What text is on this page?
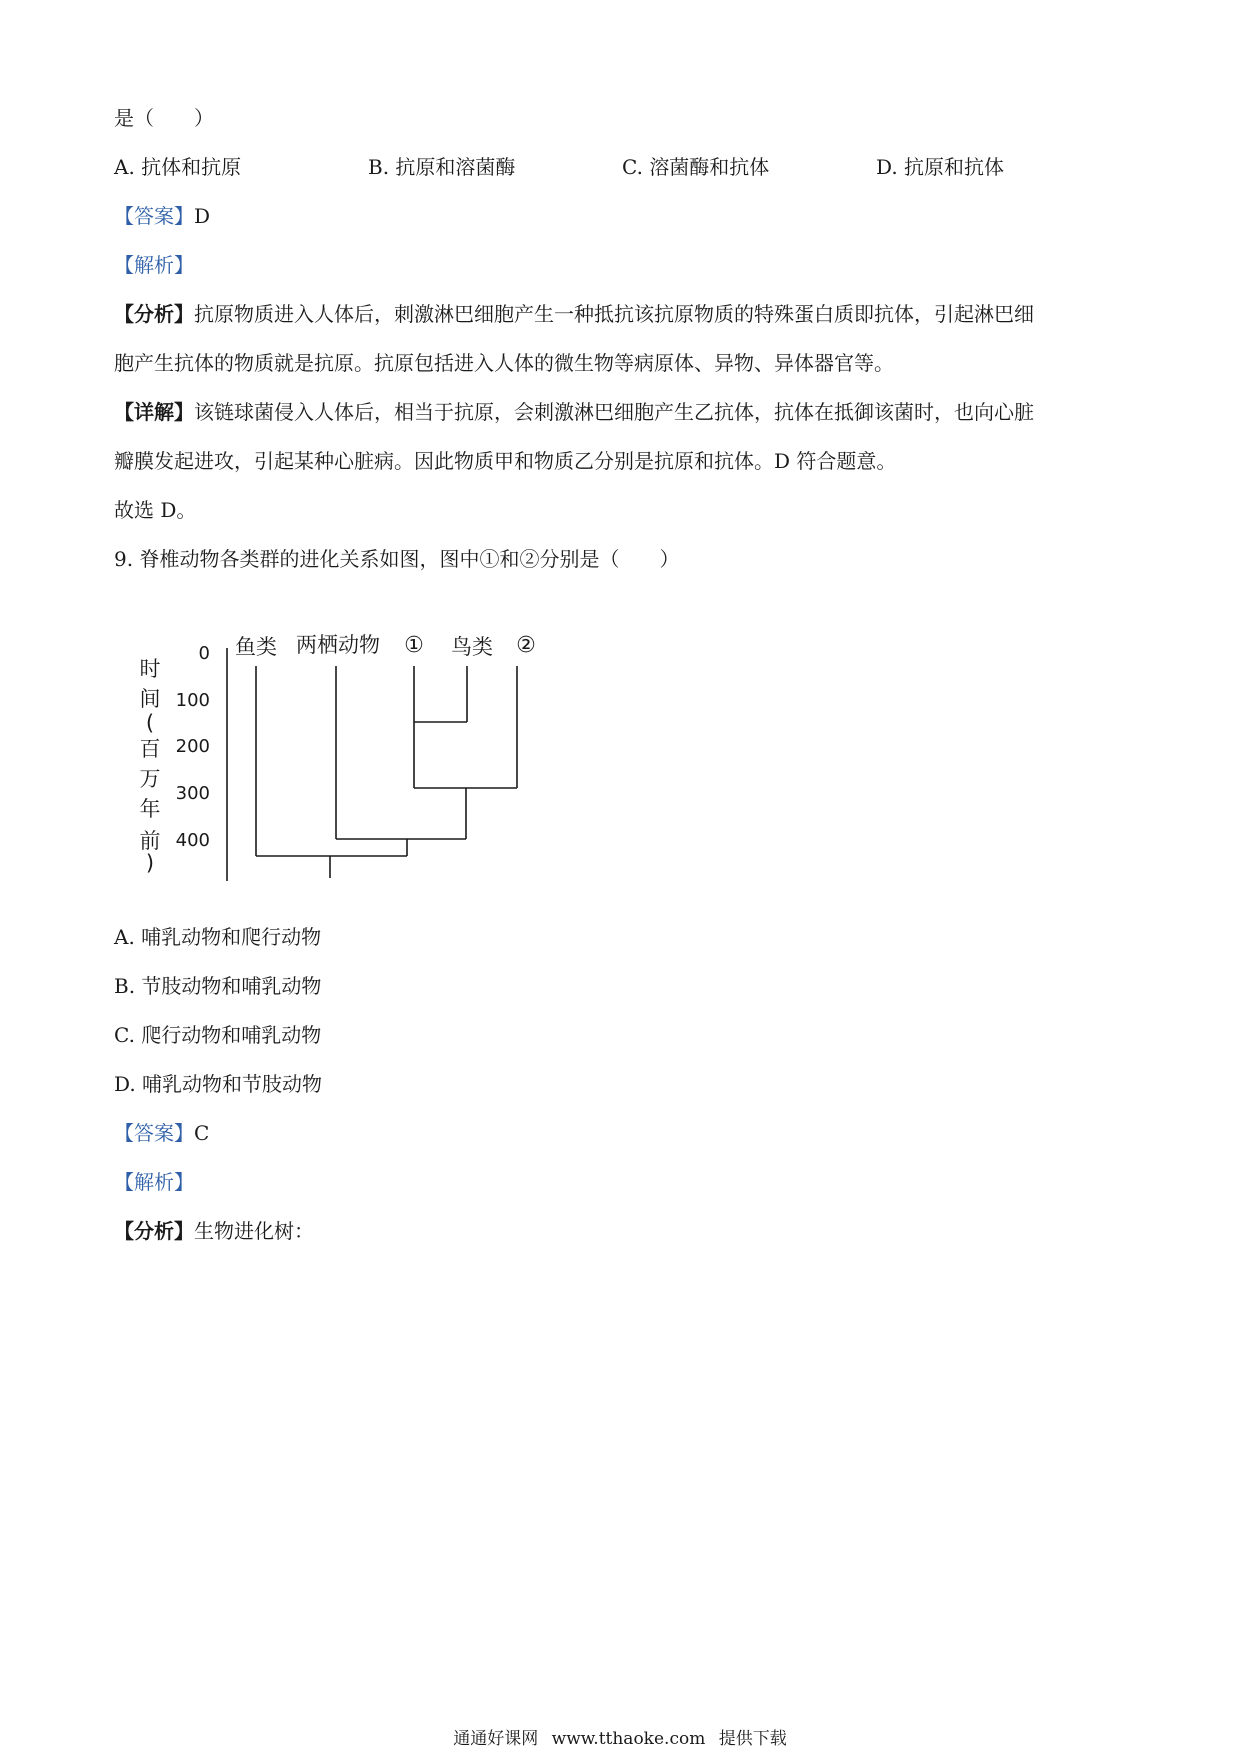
是（　　）
A. 抗体和抗原	B. 抗原和溶菌酶	C. 溶菌酶和抗体	D. 抗原和抗体
【答案】D
【解析】
【分析】抗原物质进入人体后，刺激淋巴细胞产生一种抵抗该抗原物质的特殊蛋白质即抗体，引起淋巴细
胞产生抗体的物质就是抗原。抗原包括进入人体的微生物等病原体、异物、异体器官等。
【详解】该链球菌侵入人体后，相当于抗原，会刺激淋巴细胞产生乙抗体，抗体在抵御该菌时，也向心脏
瓣膜发起进攻，引起某种心脏病。因此物质甲和物质乙分别是抗原和抗体。D 符合题意。
故选 D。
9. 脊椎动物各类群的进化关系如图，图中①和②分别是（　　）
时
间
(
百
万
年
前
)
0
100
200
300
400
鱼类 两栖动物 ① 鸟类 ②
A. 哺乳动物和爬行动物
B. 节肢动物和哺乳动物
C. 爬行动物和哺乳动物
D. 哺乳动物和节肢动物
【答案】C
【解析】
【分析】生物进化树：
通通好课网 www.tthaoke.com 提供下载
